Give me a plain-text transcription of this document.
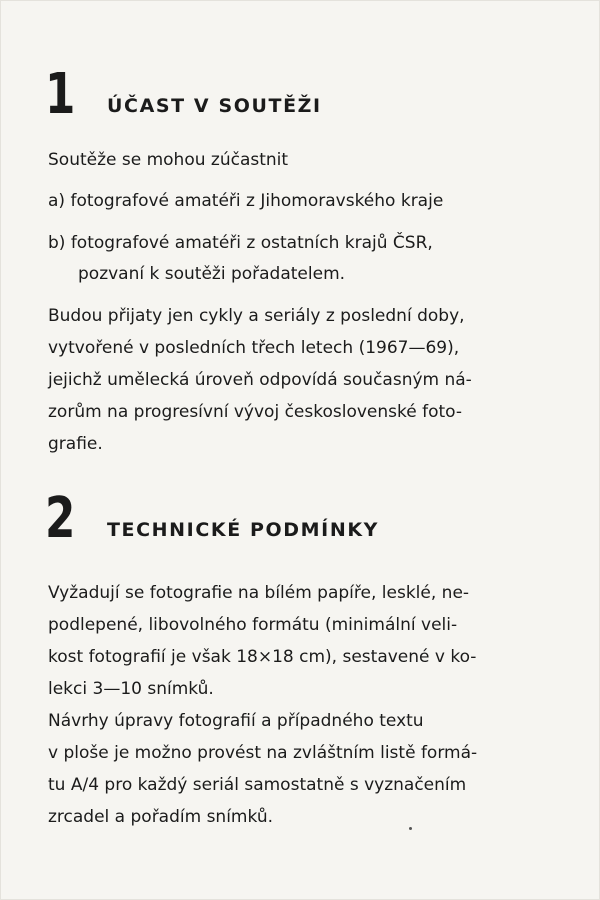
1 ÚČAST V SOUTĚŽI
Soutěže se mohou zúčastnit
a) fotografové amatéři z Jihomoravského kraje
b) fotografové amatéři z ostatních krajů ČSR,
pozvaní k soutěži pořadatelem.
Budou přijaty jen cykly a seriály z poslední doby,
vytvořené v posledních třech letech (1967—69),
jejichž umělecká úroveň odpovídá současným ná-
zorům na progresívní vývoj československé foto-
grafie.
2 TECHNICKÉ PODMÍNKY
Vyžadují se fotografie na bílém papíře, lesklé, ne-
podlepené, libovolného formátu (minimální veli-
kost fotografií je však 18×18 cm), sestavené v ko-
lekci 3—10 snímků.
Návrhy úpravy fotografií a případného textu
v ploše je možno provést na zvláštním listě formá-
tu A/4 pro každý seriál samostatně s vyznačením
zrcadel a pořadím snímků.
